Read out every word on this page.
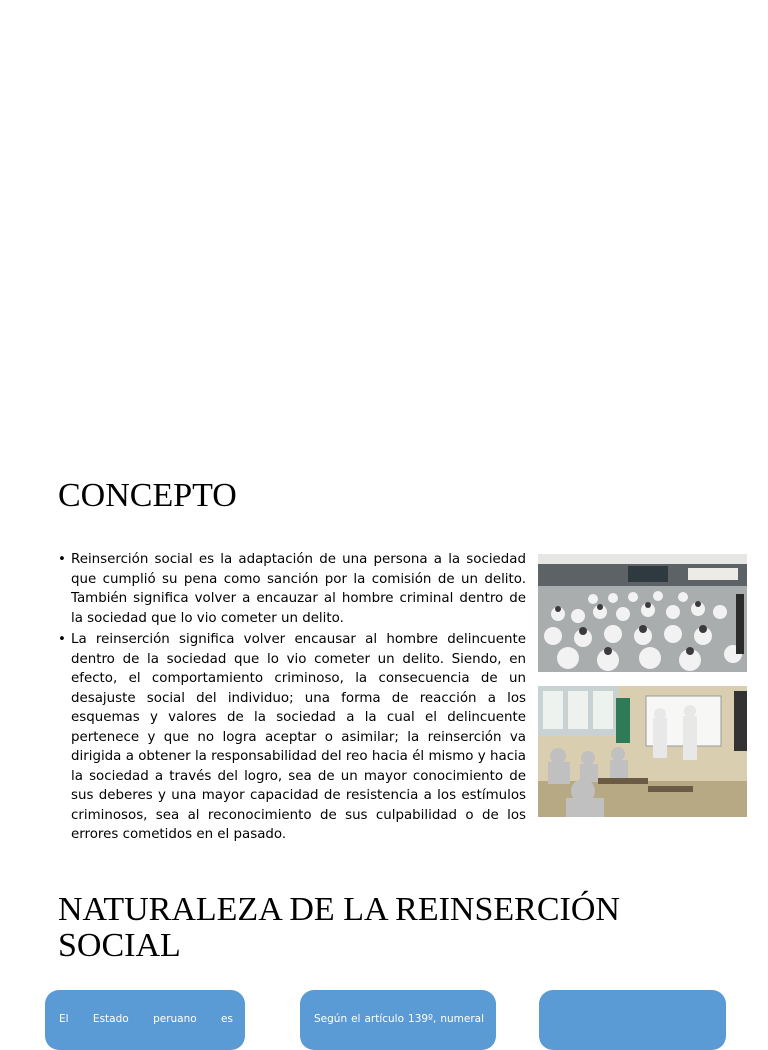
CONCEPTO
• Reinserción social es la adaptación de una persona a la sociedad que cumplió su pena como sanción por la comisión de un delito. También significa volver a encauzar al hombre criminal dentro de la sociedad que lo vio cometer un delito.
• La reinserción significa volver encausar al hombre delincuente dentro de la sociedad que lo vio cometer un delito. Siendo, en efecto, el comportamiento criminoso, la consecuencia de un desajuste social del individuo; una forma de reacción a los esquemas y valores de la sociedad a la cual el delincuente pertenece y que no logra aceptar o asimilar; la reinserción va dirigida a obtener la responsabilidad del reo hacia él mismo y hacia la sociedad a través del logro, sea de un mayor conocimiento de sus deberes y una mayor capacidad de resistencia a los estímulos criminosos, sea al reconocimiento de sus culpabilidad o de los errores cometidos en el pasado.
NATURALEZA DE LA REINSERCIÓN SOCIAL
El Estado peruano es	Según el artículo 139º, numeral
